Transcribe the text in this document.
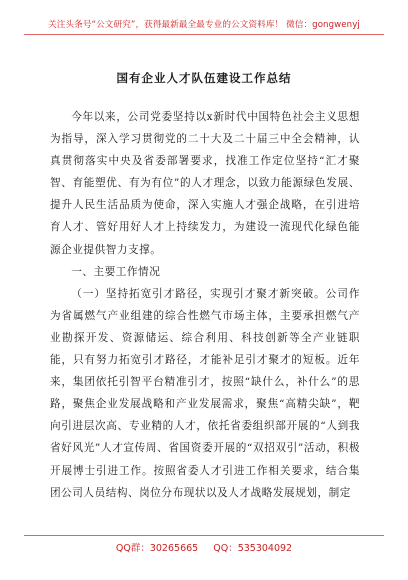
关注头条号“公文研究”，获得最新最全最专业的公文资料库！ 微信：gongwenyj
国有企业人才队伍建设工作总结

今年以来，公司党委坚持以x新时代中国特色社会主义思想为指导，深入学习贯彻党的二十大及二十届三中全会精神，认真贯彻落实中央及省委部署要求，找准工作定位坚持“汇才聚智、育能塑优、有为有位”的人才理念，以致力能源绿色发展、提升人民生活品质为使命，深入实施人才强企战略，在引进培育人才、管好用好人才上持续发力，为建设一流现代化绿色能源企业提供智力支撑。

一、主要工作情况

（一）坚持拓宽引才路径，实现引才聚才新突破。公司作为省属燃气产业组建的综合性燃气市场主体，主要承担燃气产业勘探开发、资源储运、综合利用、科技创新等全产业链职能，只有努力拓宽引才路径，才能补足引才聚才的短板。近年来，集团依托引智平台精准引才，按照“缺什么，补什么”的思路，聚焦企业发展战略和产业发展需求，聚焦“高精尖缺”，靶向引进层次高、专业精的人才，依托省委组织部开展的“人到我省好风光”人才宣传周、省国资委开展的“双招双引”活动，积极开展博士引进工作。按照省委人才引进工作相关要求，结合集团公司人员结构、岗位分布现状以及人才战略发展规划，制定

QQ群：30265665 QQ：535304092
